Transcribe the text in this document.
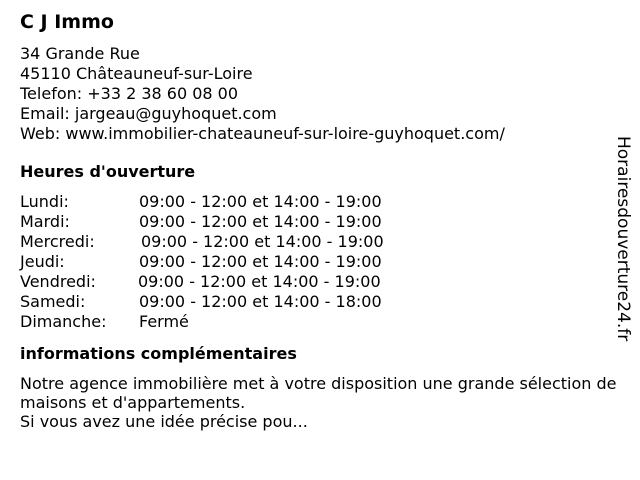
C J Immo
34 Grande Rue
45110 Châteauneuf-sur-Loire
Telefon: +33 2 38 60 08 00
Email: jargeau@guyhoquet.com
Web: www.immobilier-chateauneuf-sur-loire-guyhoquet.com/
Heures d'ouverture
Lundi:	09:00 - 12:00 et 14:00 - 19:00
Mardi:	09:00 - 12:00 et 14:00 - 19:00
Mercredi:	09:00 - 12:00 et 14:00 - 19:00
Jeudi:	09:00 - 12:00 et 14:00 - 19:00
Vendredi:	09:00 - 12:00 et 14:00 - 19:00
Samedi:	09:00 - 12:00 et 14:00 - 18:00
Dimanche:	Fermé
informations complémentaires
Notre agence immobilière met à votre disposition une grande sélection de maisons et d'appartements.
Si vous avez une idée précise pou...
Horairesdouverture24.fr
